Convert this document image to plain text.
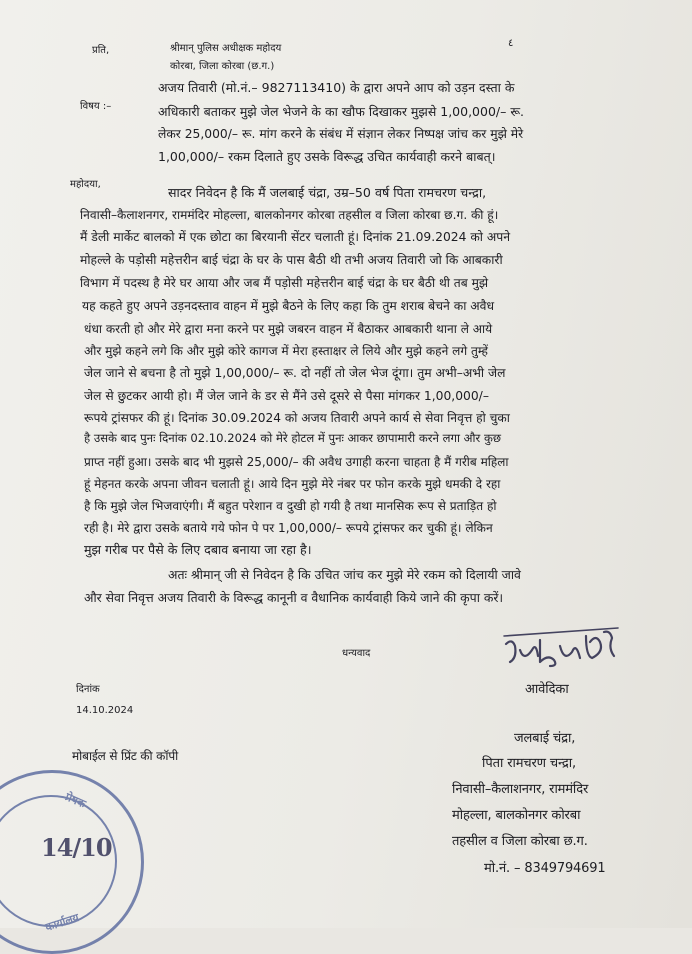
प्रति,	श्रीमान् पुलिस अधीक्षक महोदय
कोरबा, जिला कोरबा (छ.ग.)
٤
विषय :–
अजय तिवारी (मो.नं.– 9827113410) के द्वारा अपने आप को उड़न दस्ता के
अधिकारी बताकर मुझे जेल भेजने के का खौफ दिखाकर मुझसे 1,00,000/– रू.
लेकर 25,000/– रू. मांग करने के संबंध में संज्ञान लेकर निष्पक्ष जांच कर मुझे मेरे
1,00,000/– रकम दिलाते हुए उसके विरूद्ध उचित कार्यवाही करने बाबत्।
महोदया,
सादर निवेदन है कि मैं जलबाई चंद्रा, उम्र–50 वर्ष पिता रामचरण चन्द्रा,
निवासी–कैलाशनगर, राममंदिर मोहल्ला, बालकोनगर कोरबा तहसील व जिला कोरबा छ.ग. की हूं।
मैं डेली मार्केट बालको में एक छोटा का बिरयानी सेंटर चलाती हूं। दिनांक 21.09.2024 को अपने
मोहल्ले के पड़ोसी महेत्तरीन बाई चंद्रा के घर के पास बैठी थी तभी अजय तिवारी जो कि आबकारी
विभाग में पदस्थ है मेरे घर आया और जब मैं पड़ोसी महेत्तरीन बाई चंद्रा के घर बैठी थी तब मुझे
यह कहते हुए अपने उड़नदस्ताव वाहन में मुझे बैठने के लिए कहा कि तुम शराब बेचने का अवैध
धंधा करती हो और मेरे द्वारा मना करने पर मुझे जबरन वाहन में बैठाकर आबकारी थाना ले आये
और मुझे कहने लगे कि और मुझे कोरे कागज में मेरा हस्ताक्षर ले लिये और मुझे कहने लगे तुम्हें
जेल जाने से बचना है तो मुझे 1,00,000/– रू. दो नहीं तो जेल भेज दूंगा। तुम अभी–अभी जेल
जेल से छुटकर आयी हो। मैं जेल जाने के डर से मैंने उसे दूसरे से पैसा मांगकर 1,00,000/–
रूपये ट्रांसफर की हूं। दिनांक 30.09.2024 को अजय तिवारी अपने कार्य से सेवा निवृत्त हो चुका
है उसके बाद पुनः दिनांक 02.10.2024 को मेरे होटल में पुनः आकर छापामारी करने लगा और कुछ
प्राप्त नहीं हुआ। उसके बाद भी मुझसे 25,000/– की अवैध उगाही करना चाहता है मैं गरीब महिला
हूं मेहनत करके अपना जीवन चलाती हूं। आये दिन मुझे मेरे नंबर पर फोन करके मुझे धमकी दे रहा
है कि मुझे जेल भिजवाएंगी। मैं बहुत परेशान व दुखी हो गयी है तथा मानसिक रूप से प्रताड़ित हो
रही है। मेरे द्वारा उसके बताये गये फोन पे पर 1,00,000/– रूपये ट्रांसफर कर चुकी हूं। लेकिन
मुझ गरीब पर पैसे के लिए दबाव बनाया जा रहा है।
अतः श्रीमान् जी से निवेदन है कि उचित जांच कर मुझे मेरे रकम को दिलायी जावे
और सेवा निवृत्त अजय तिवारी के विरूद्ध कानूनी व वैधानिक कार्यवाही किये जाने की कृपा करें।
धन्यवाद
आवेदिका
दिनांक
14.10.2024
मोबाईल से प्रिंट की कॉपी
जलबाई चंद्रा,
पिता रामचरण चन्द्रा,
निवासी–कैलाशनगर, राममंदिर
मोहल्ला, बालकोनगर कोरबा
तहसील व जिला कोरबा छ.ग.
मो.नं. – 8349794691
प्रेषक
कार्यालय
14/10
